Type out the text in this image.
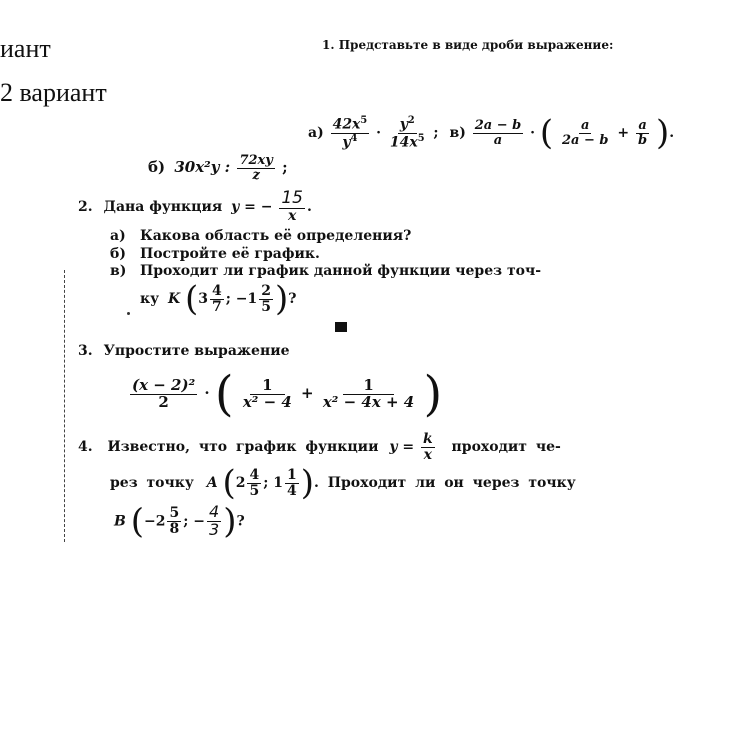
иант
2 вариант
1. Представьте в виде дроби выражение:
$а) \frac{42x^5}{y^4} \cdot \frac{y^2}{14x^5}$ ; $в) \frac{2a - b}{a}$ · ( $\frac{a}{2a - b} + \frac{a}{b}$ ).
б) 30x²y : $\frac{72xy}{z}$ ;
2. Дана функция y = − $\frac{15}{x}$ .
а) Какова область её определения?
б) Постройте её график.
в) Проходит ли график данной функции через точ-
ку K ($3 \frac{4}{7}$ ; $-1 \frac{2}{5}$ )?
3. Упростите выражение
$\frac{\text{(x − 2)²}}{2}$ · ( $\frac{1}{\text{x² − 4}} + \frac{1}{\text{x² − 4x + 4}}$ )
4. Известно, что график функции $y = \frac{k}{x}$ проходит че-
рез точку A ($2 \frac{4}{5}$ ; $1 \frac{1}{4}$ ). Проходит ли он через точку
B ($-2 \frac{5}{8}$ ; − $\frac{4}{3}$ )?
